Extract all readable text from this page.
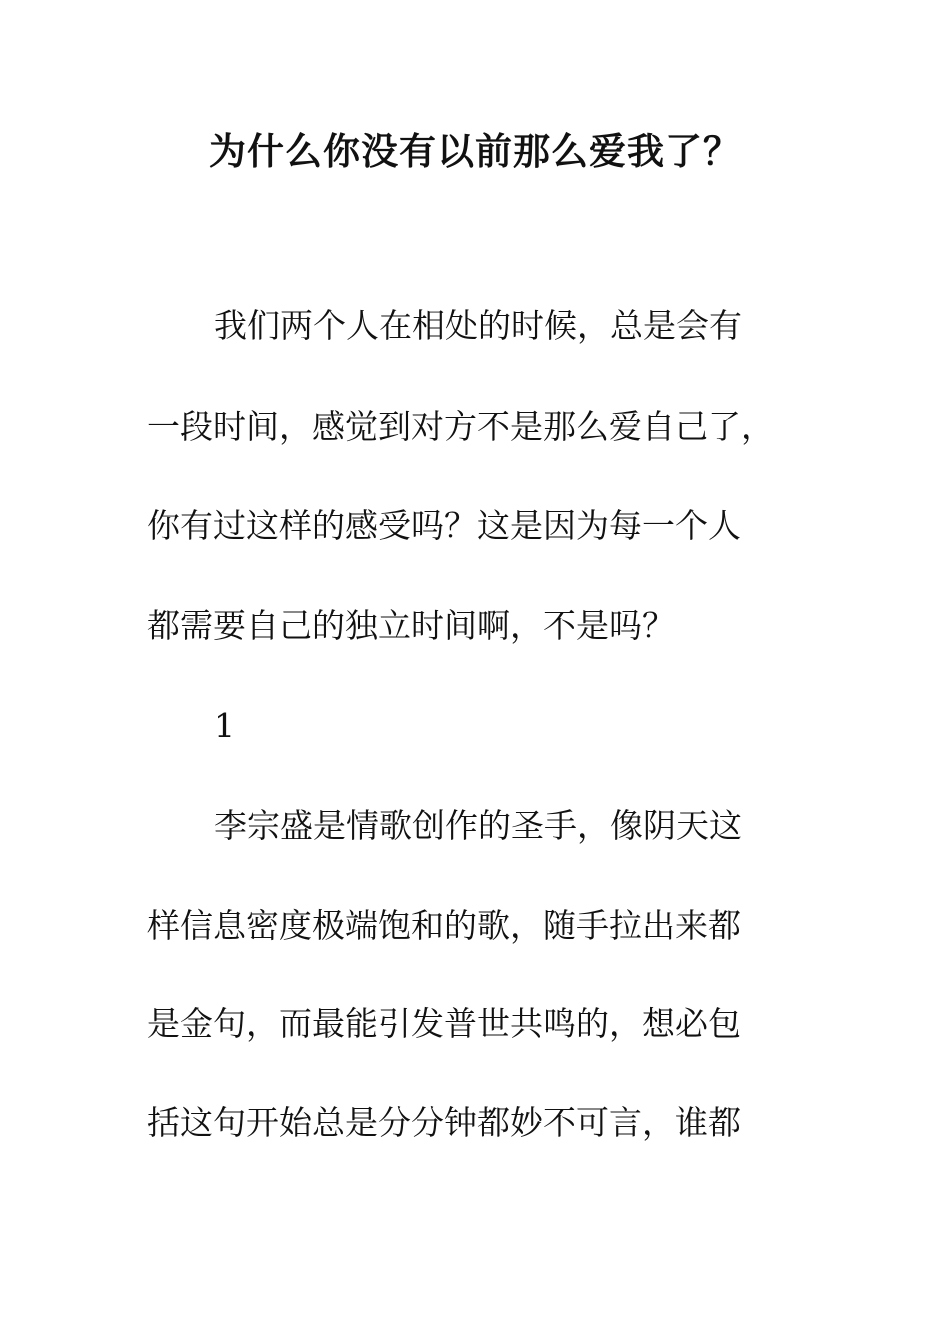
为什么你没有以前那么爱我了？

我们两个人在相处的时候，总是会有

一段时间，感觉到对方不是那么爱自己了，

你有过这样的感受吗？这是因为每一个人

都需要自己的独立时间啊，不是吗？

1

李宗盛是情歌创作的圣手，像阴天这

样信息密度极端饱和的歌，随手拉出来都

是金句，而最能引发普世共鸣的，想必包

括这句开始总是分分钟都妙不可言，谁都
